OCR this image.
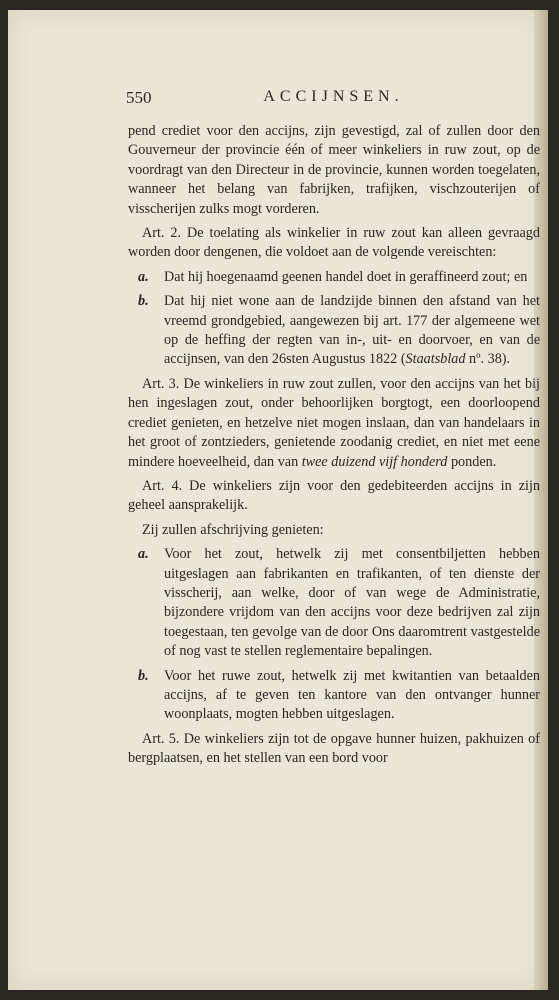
550	ACCIJNSEN.

pend crediet voor den accijns, zijn gevestigd, zal of zullen door den Gouverneur der provincie één of meer winkeliers in ruw zout, op de voordragt van den Directeur in de provincie, kunnen worden toegelaten, wanneer het belang van fabrijken, trafijken, vischzouterijen of visscherijen zulks mogt vorderen.

Art. 2. De toelating als winkelier in ruw zout kan alleen gevraagd worden door dengenen, die voldoet aan de volgende vereischten:

a.	Dat hij hoegenaamd geenen handel doet in geraffineerd zout; en
b.	Dat hij niet wone aan de landzijde binnen den afstand van het vreemd grondgebied, aangewezen bij art. 177 der algemeene wet op de heffing der regten van in-, uit- en doorvoer, en van de accijnsen, van den 26sten Augustus 1822 (Staatsblad nº. 38).

Art. 3. De winkeliers in ruw zout zullen, voor den accijns van het bij hen ingeslagen zout, onder behoorlijken borgtogt, een doorloopend crediet genieten, en hetzelve niet mogen inslaan, dan van handelaars in het groot of zontzieders, genietende zoodanig crediet, en niet met eene mindere hoeveelheid, dan van twee duizend vijf honderd ponden.

Art. 4. De winkeliers zijn voor den gedebiteerden accijns in zijn geheel aansprakelijk.

Zij zullen afschrijving genieten:

a.	Voor het zout, hetwelk zij met consentbiljetten hebben uitgeslagen aan fabrikanten en trafikanten, of ten dienste der visscherij, aan welke, door of van wege de Administratie, bijzondere vrijdom van den accijns voor deze bedrijven zal zijn toegestaan, ten gevolge van de door Ons daaromtrent vastgestelde of nog vast te stellen reglementaire bepalingen.
b.	Voor het ruwe zout, hetwelk zij met kwitantien van betaalden accijns, af te geven ten kantore van den ontvanger hunner woonplaats, mogten hebben uitgeslagen.

Art. 5. De winkeliers zijn tot de opgave hunner huizen, pakhuizen of bergplaatsen, en het stellen van een bord voor
